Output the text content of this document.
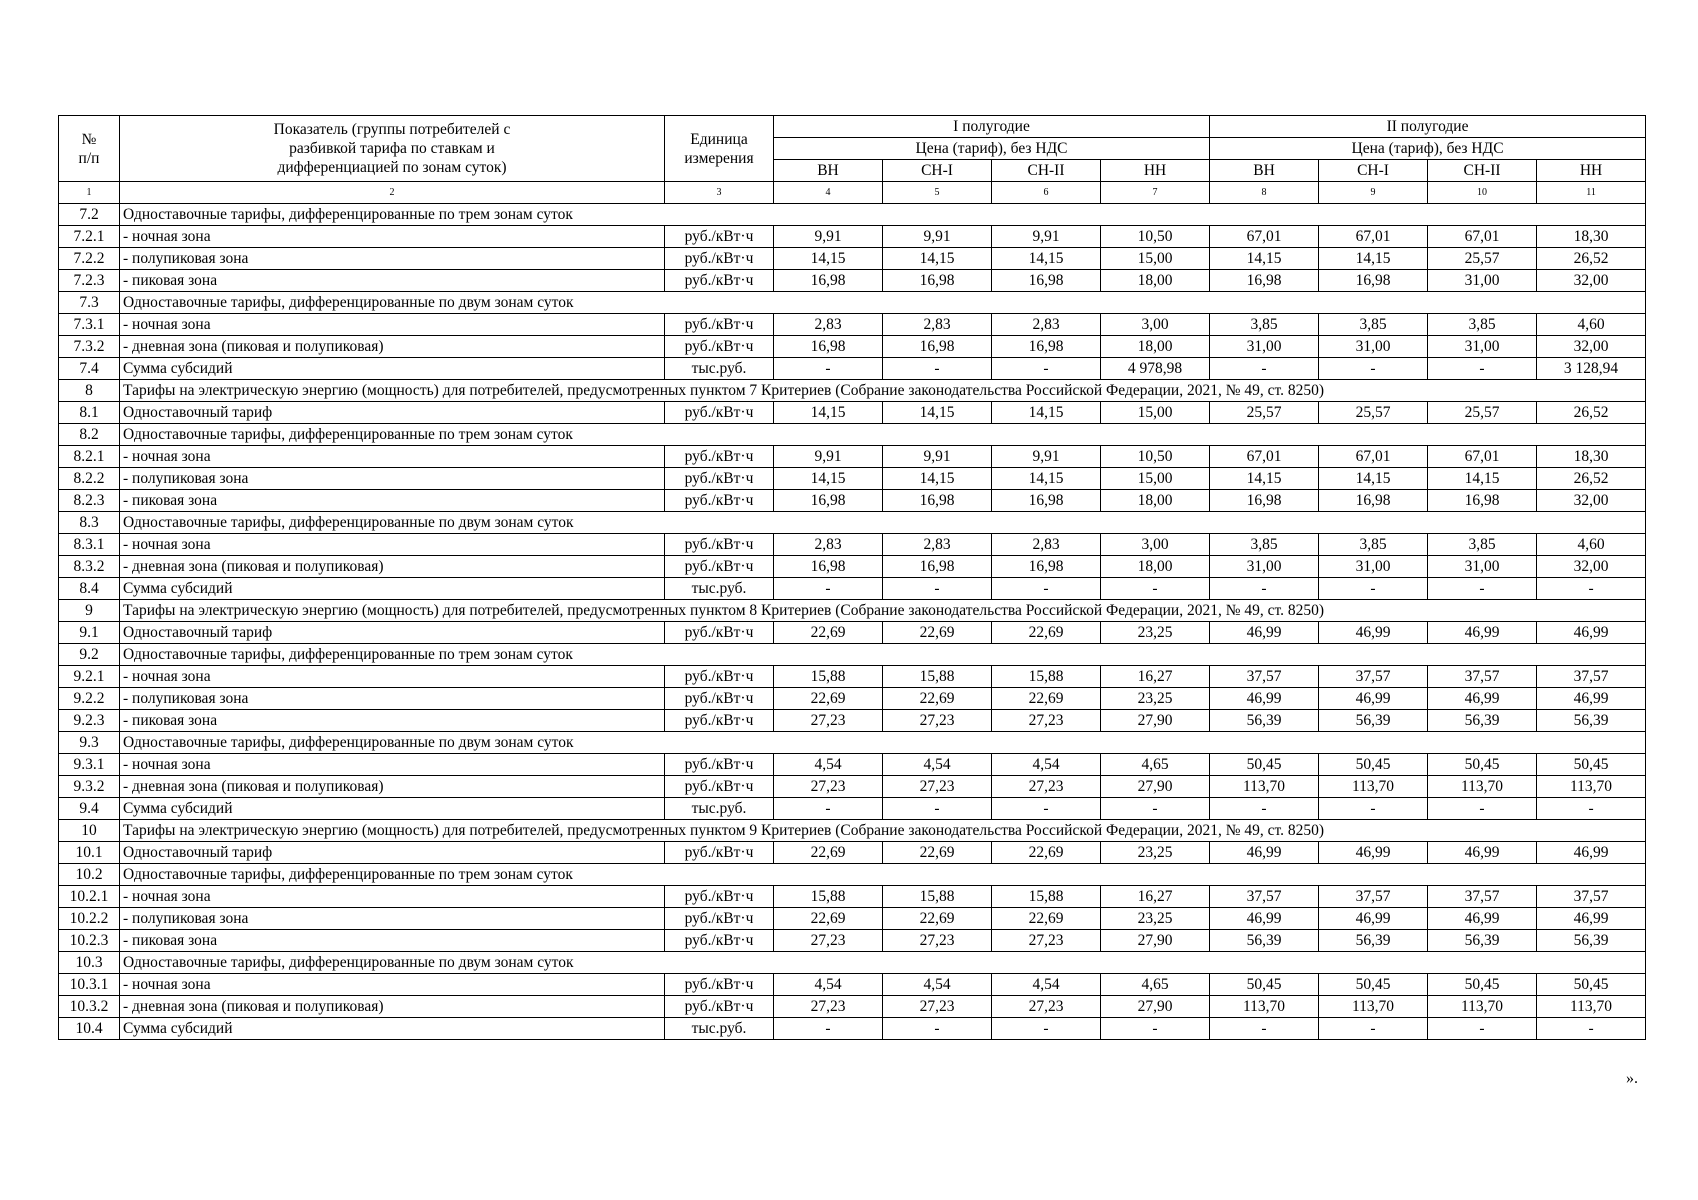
№
п/п	Показатель (группы потребителей с разбивкой тарифа по ставкам и дифференциацией по зонам суток)	Единица измерения	I полугодие				II полугодие			
			Цена (тариф), без НДС				Цена (тариф), без НДС			
			ВН	СН-I	СН-II	НН	ВН	СН-I	СН-II	НН
1	2	3	4	5	6	7	8	9	10	11
7.2	Одноставочные тарифы, дифференцированные по трем зонам суток									
7.2.1	- ночная зона	руб./кВт·ч	9,91	9,91	9,91	10,50	67,01	67,01	67,01	18,30
7.2.2	- полупиковая зона	руб./кВт·ч	14,15	14,15	14,15	15,00	14,15	14,15	25,57	26,52
7.2.3	- пиковая зона	руб./кВт·ч	16,98	16,98	16,98	18,00	16,98	16,98	31,00	32,00
7.3	Одноставочные тарифы, дифференцированные по двум зонам суток									
7.3.1	- ночная зона	руб./кВт·ч	2,83	2,83	2,83	3,00	3,85	3,85	3,85	4,60
7.3.2	- дневная зона (пиковая и полупиковая)	руб./кВт·ч	16,98	16,98	16,98	18,00	31,00	31,00	31,00	32,00
7.4	Сумма субсидий	тыс.руб.	-	-	-	4 978,98	-	-	-	3 128,94
8	Тарифы на электрическую энергию (мощность) для потребителей, предусмотренных пунктом 7 Критериев (Собрание законодательства Российской Федерации, 2021, № 49, ст. 8250)									
8.1	Одноставочный тариф	руб./кВт·ч	14,15	14,15	14,15	15,00	25,57	25,57	25,57	26,52
8.2	Одноставочные тарифы, дифференцированные по трем зонам суток									
8.2.1	- ночная зона	руб./кВт·ч	9,91	9,91	9,91	10,50	67,01	67,01	67,01	18,30
8.2.2	- полупиковая зона	руб./кВт·ч	14,15	14,15	14,15	15,00	14,15	14,15	14,15	26,52
8.2.3	- пиковая зона	руб./кВт·ч	16,98	16,98	16,98	18,00	16,98	16,98	16,98	32,00
8.3	Одноставочные тарифы, дифференцированные по двум зонам суток									
8.3.1	- ночная зона	руб./кВт·ч	2,83	2,83	2,83	3,00	3,85	3,85	3,85	4,60
8.3.2	- дневная зона (пиковая и полупиковая)	руб./кВт·ч	16,98	16,98	16,98	18,00	31,00	31,00	31,00	32,00
8.4	Сумма субсидий	тыс.руб.	-	-	-	-	-	-	-	-
9	Тарифы на электрическую энергию (мощность) для потребителей, предусмотренных пунктом 8 Критериев (Собрание законодательства Российской Федерации, 2021, № 49, ст. 8250)									
9.1	Одноставочный тариф	руб./кВт·ч	22,69	22,69	22,69	23,25	46,99	46,99	46,99	46,99
9.2	Одноставочные тарифы, дифференцированные по трем зонам суток									
9.2.1	- ночная зона	руб./кВт·ч	15,88	15,88	15,88	16,27	37,57	37,57	37,57	37,57
9.2.2	- полупиковая зона	руб./кВт·ч	22,69	22,69	22,69	23,25	46,99	46,99	46,99	46,99
9.2.3	- пиковая зона	руб./кВт·ч	27,23	27,23	27,23	27,90	56,39	56,39	56,39	56,39
9.3	Одноставочные тарифы, дифференцированные по двум зонам суток									
9.3.1	- ночная зона	руб./кВт·ч	4,54	4,54	4,54	4,65	50,45	50,45	50,45	50,45
9.3.2	- дневная зона (пиковая и полупиковая)	руб./кВт·ч	27,23	27,23	27,23	27,90	113,70	113,70	113,70	113,70
9.4	Сумма субсидий	тыс.руб.	-	-	-	-	-	-	-	-
10	Тарифы на электрическую энергию (мощность) для потребителей, предусмотренных пунктом 9 Критериев (Собрание законодательства Российской Федерации, 2021, № 49, ст. 8250)									
10.1	Одноставочный тариф	руб./кВт·ч	22,69	22,69	22,69	23,25	46,99	46,99	46,99	46,99
10.2	Одноставочные тарифы, дифференцированные по трем зонам суток									
10.2.1	- ночная зона	руб./кВт·ч	15,88	15,88	15,88	16,27	37,57	37,57	37,57	37,57
10.2.2	- полупиковая зона	руб./кВт·ч	22,69	22,69	22,69	23,25	46,99	46,99	46,99	46,99
10.2.3	- пиковая зона	руб./кВт·ч	27,23	27,23	27,23	27,90	56,39	56,39	56,39	56,39
10.3	Одноставочные тарифы, дифференцированные по двум зонам суток									
10.3.1	- ночная зона	руб./кВт·ч	4,54	4,54	4,54	4,65	50,45	50,45	50,45	50,45
10.3.2	- дневная зона (пиковая и полупиковая)	руб./кВт·ч	27,23	27,23	27,23	27,90	113,70	113,70	113,70	113,70
10.4	Сумма субсидий	тыс.руб.	-	-	-	-	-	-	-	-
».
